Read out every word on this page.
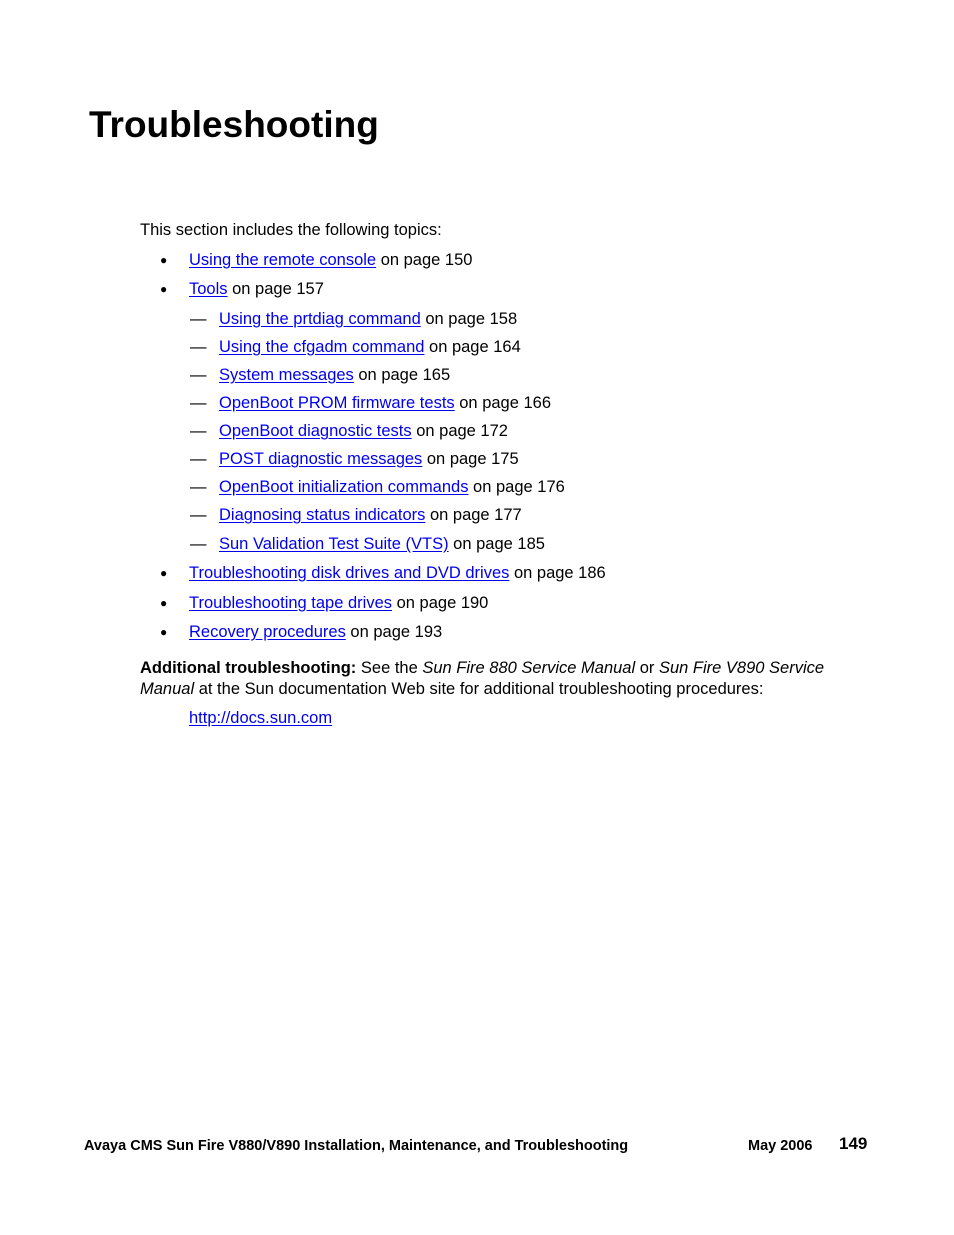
Troubleshooting

This section includes the following topics:

● Using the remote console on page 150
● Tools on page 157
— Using the prtdiag command on page 158
— Using the cfgadm command on page 164
— System messages on page 165
— OpenBoot PROM firmware tests on page 166
— OpenBoot diagnostic tests on page 172
— POST diagnostic messages on page 175
— OpenBoot initialization commands on page 176
— Diagnosing status indicators on page 177
— Sun Validation Test Suite (VTS) on page 185
● Troubleshooting disk drives and DVD drives on page 186
● Troubleshooting tape drives on page 190
● Recovery procedures on page 193

Additional troubleshooting: See the Sun Fire 880 Service Manual or Sun Fire V890 Service Manual at the Sun documentation Web site for additional troubleshooting procedures:

http://docs.sun.com
Avaya CMS Sun Fire V880/V890 Installation, Maintenance, and Troubleshooting	May 2006 149
